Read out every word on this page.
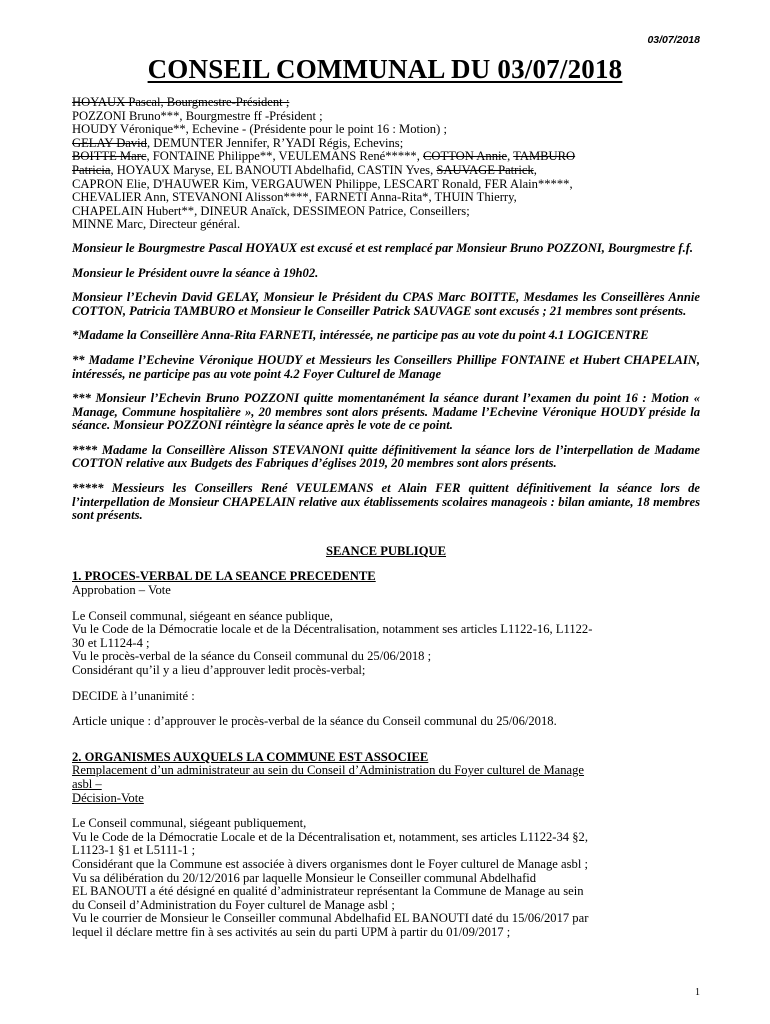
03/07/2018
CONSEIL COMMUNAL DU 03/07/2018
HOYAUX Pascal, Bourgmestre-Président ;
POZZONI Bruno***, Bourgmestre ff -Président ;
HOUDY Véronique**, Echevine - (Présidente pour le point 16 : Motion) ;
GELAY David, DEMUNTER Jennifer, R’YADI Régis, Echevins;
BOITTE Marc, FONTAINE Philippe**, VEULEMANS René*****, COTTON Annie, TAMBURO
Patricia, HOYAUX Maryse, EL BANOUTI Abdelhafid, CASTIN Yves, SAUVAGE Patrick,
CAPRON Elie, D'HAUWER Kim, VERGAUWEN Philippe, LESCART Ronald, FER Alain*****,
CHEVALIER Ann, STEVANONI Alisson****, FARNETI Anna-Rita*, THUIN Thierry,
CHAPELAIN Hubert**, DINEUR Anaïck, DESSIMEON Patrice, Conseillers;
MINNE Marc, Directeur général.
Monsieur le Bourgmestre Pascal HOYAUX est excusé et est remplacé par Monsieur Bruno POZZONI, Bourgmestre f.f.
Monsieur le Président ouvre la séance à 19h02.
Monsieur l’Echevin David GELAY, Monsieur le Président du CPAS Marc BOITTE, Mesdames les Conseillères Annie COTTON, Patricia TAMBURO et Monsieur le Conseiller Patrick SAUVAGE sont excusés ; 21 membres sont présents.
*Madame la Conseillère Anna-Rita FARNETI, intéressée, ne participe pas au vote du point 4.1 LOGICENTRE
** Madame l’Echevine Véronique HOUDY et Messieurs les Conseillers Phillipe FONTAINE et Hubert CHAPELAIN, intéressés, ne participe pas au vote point 4.2 Foyer Culturel de Manage
*** Monsieur l’Echevin Bruno POZZONI quitte momentanément la séance durant l’examen du point 16 : Motion « Manage, Commune hospitalière », 20 membres sont alors présents. Madame l’Echevine Véronique HOUDY préside la séance. Monsieur POZZONI réintègre la séance après le vote de ce point.
**** Madame la Conseillère Alisson STEVANONI quitte définitivement la séance lors de l’interpellation de Madame COTTON relative aux Budgets des Fabriques d’églises 2019, 20 membres sont alors présents.
***** Messieurs les Conseillers René VEULEMANS et Alain FER quittent définitivement la séance lors de l’interpellation de Monsieur CHAPELAIN relative aux établissements scolaires manageois : bilan amiante, 18 membres sont présents.
SEANCE PUBLIQUE
1. PROCES-VERBAL DE LA SEANCE PRECEDENTE
Approbation – Vote
Le Conseil communal, siégeant en séance publique,
Vu le Code de la Démocratie locale et de la Décentralisation, notamment ses articles L1122-16, L1122-
30 et L1124-4 ;
Vu le procès-verbal de la séance du Conseil communal du 25/06/2018 ;
Considérant qu’il y a lieu d’approuver ledit procès-verbal;
DECIDE à l’unanimité :
Article unique : d’approuver le procès-verbal de la séance du Conseil communal du 25/06/2018.
2. ORGANISMES AUXQUELS LA COMMUNE EST ASSOCIEE
Remplacement d’un administrateur au sein du Conseil d’Administration du Foyer culturel de Manage
asbl –
Décision-Vote
Le Conseil communal, siégeant publiquement,
Vu le Code de la Démocratie Locale et de la Décentralisation et, notamment, ses articles L1122-34 §2,
L1123-1 §1 et L5111-1 ;
Considérant que la Commune est associée à divers organismes dont le Foyer culturel de Manage asbl ;
Vu sa délibération du 20/12/2016 par laquelle Monsieur le Conseiller communal Abdelhafid
EL BANOUTI a été désigné en qualité d’administrateur représentant la Commune de Manage au sein
du Conseil d’Administration du Foyer culturel de Manage asbl ;
Vu le courrier de Monsieur le Conseiller communal Abdelhafid EL BANOUTI daté du 15/06/2017 par
lequel il déclare mettre fin à ses activités au sein du parti UPM à partir du 01/09/2017 ;
1
